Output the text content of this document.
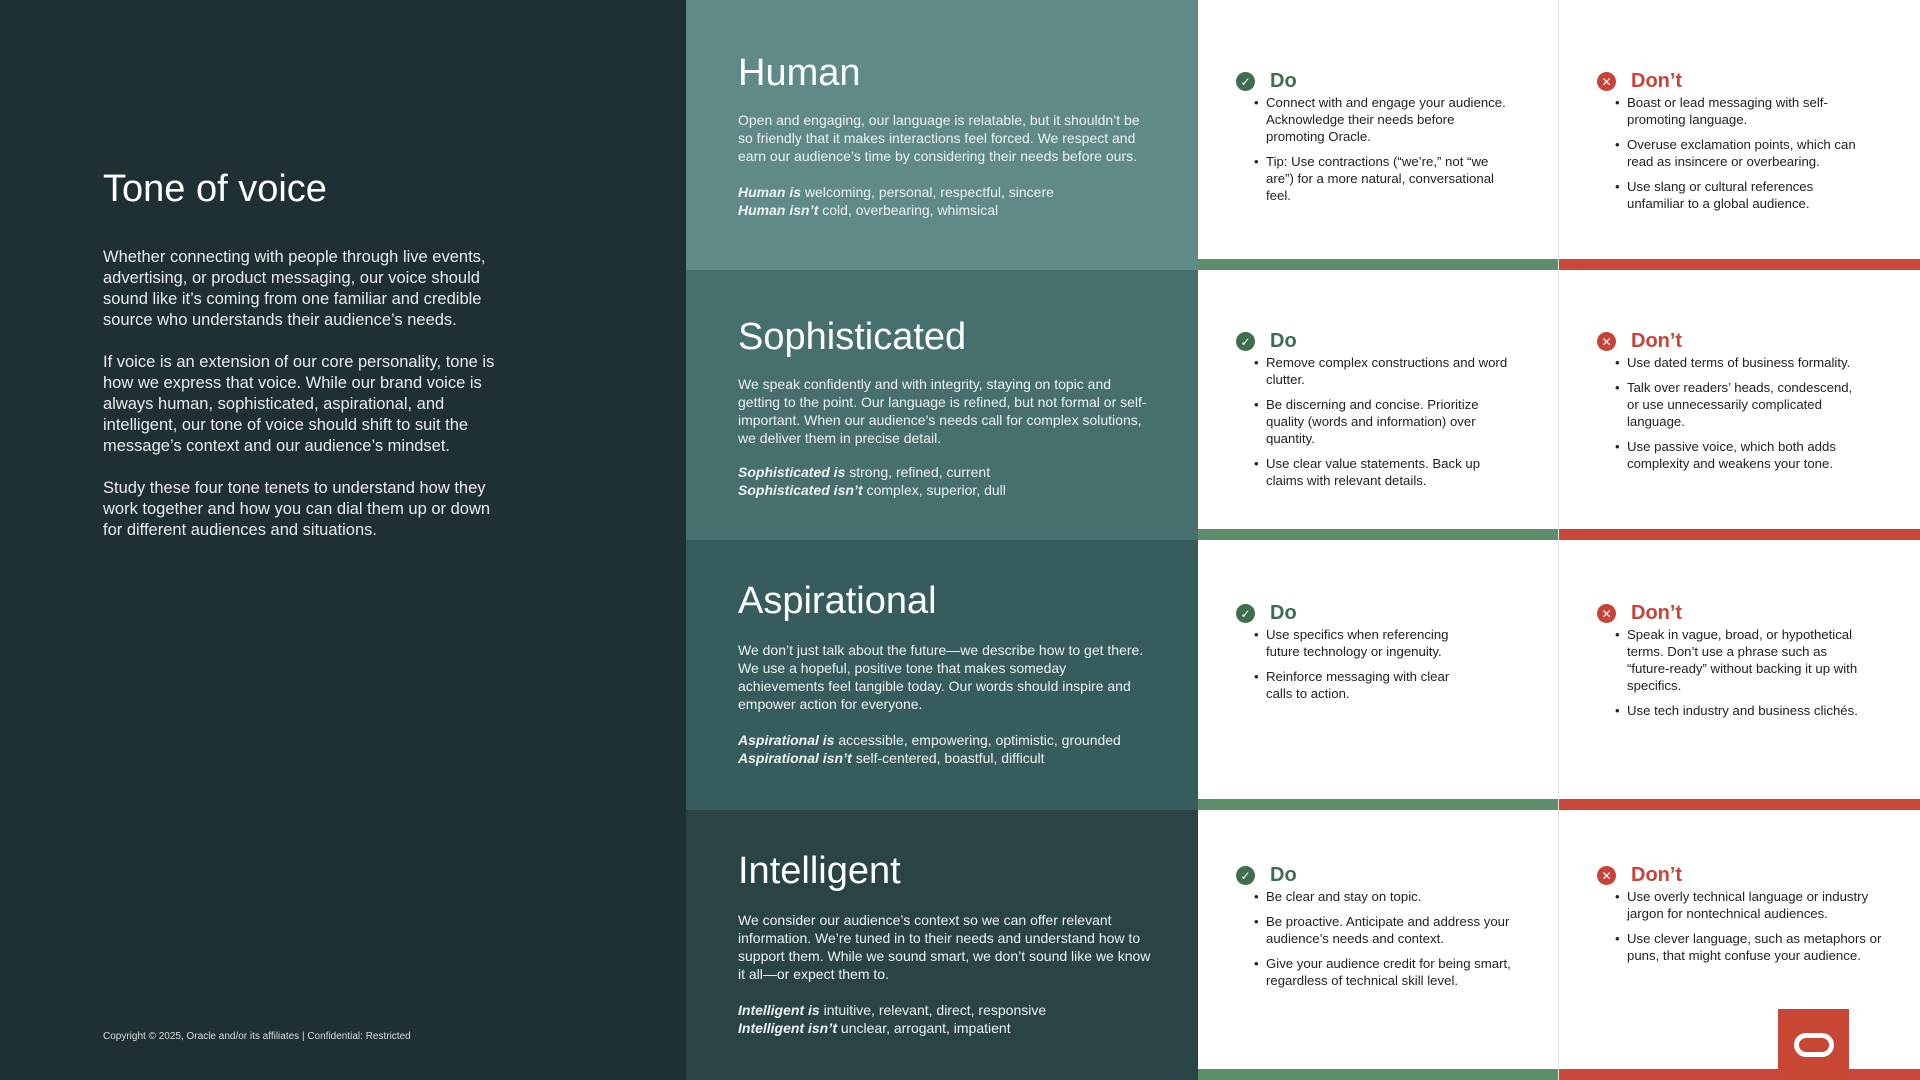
Tone of voice

Whether connecting with people through live events, advertising, or product messaging, our voice should sound like it’s coming from one familiar and credible source who understands their audience’s needs.

If voice is an extension of our core personality, tone is how we express that voice. While our brand voice is always human, sophisticated, aspirational, and intelligent, our tone of voice should shift to suit the message’s context and our audience’s mindset.

Study these four tone tenets to understand how they work together and how you can dial them up or down for different audiences and situations.

Copyright © 2025, Oracle and/or its affiliates | Confidential: Restricted
Human

Open and engaging, our language is relatable, but it shouldn’t be so friendly that it makes interactions feel forced. We respect and earn our audience’s time by considering their needs before ours.

Human is welcoming, personal, respectful, sincere
Human isn’t cold, overbearing, whimsical
✓ Do
• Connect with and engage your audience. Acknowledge their needs before promoting Oracle.
• Tip: Use contractions (“we’re,” not “we are”) for a more natural, conversational feel.
✕ Don’t
• Boast or lead messaging with self-promoting language.
• Overuse exclamation points, which can read as insincere or overbearing.
• Use slang or cultural references unfamiliar to a global audience.
Sophisticated

We speak confidently and with integrity, staying on topic and getting to the point. Our language is refined, but not formal or self-important. When our audience’s needs call for complex solutions, we deliver them in precise detail.

Sophisticated is strong, refined, current
Sophisticated isn’t complex, superior, dull
✓ Do
• Remove complex constructions and word clutter.
• Be discerning and concise. Prioritize quality (words and information) over quantity.
• Use clear value statements. Back up claims with relevant details.
✕ Don’t
• Use dated terms of business formality.
• Talk over readers’ heads, condescend, or use unnecessarily complicated language.
• Use passive voice, which both adds complexity and weakens your tone.
Aspirational

We don’t just talk about the future—we describe how to get there. We use a hopeful, positive tone that makes someday achievements feel tangible today. Our words should inspire and empower action for everyone.

Aspirational is accessible, empowering, optimistic, grounded
Aspirational isn’t self-centered, boastful, difficult
✓ Do
• Use specifics when referencing future technology or ingenuity.
• Reinforce messaging with clear calls to action.
✕ Don’t
• Speak in vague, broad, or hypothetical terms. Don’t use a phrase such as “future-ready” without backing it up with specifics.
• Use tech industry and business clichés.
Intelligent

We consider our audience’s context so we can offer relevant information. We’re tuned in to their needs and understand how to support them. While we sound smart, we don’t sound like we know it all—or expect them to.

Intelligent is intuitive, relevant, direct, responsive
Intelligent isn’t unclear, arrogant, impatient
✓ Do
• Be clear and stay on topic.
• Be proactive. Anticipate and address your audience’s needs and context.
• Give your audience credit for being smart, regardless of technical skill level.
✕ Don’t
• Use overly technical language or industry jargon for nontechnical audiences.
• Use clever language, such as metaphors or puns, that might confuse your audience.
